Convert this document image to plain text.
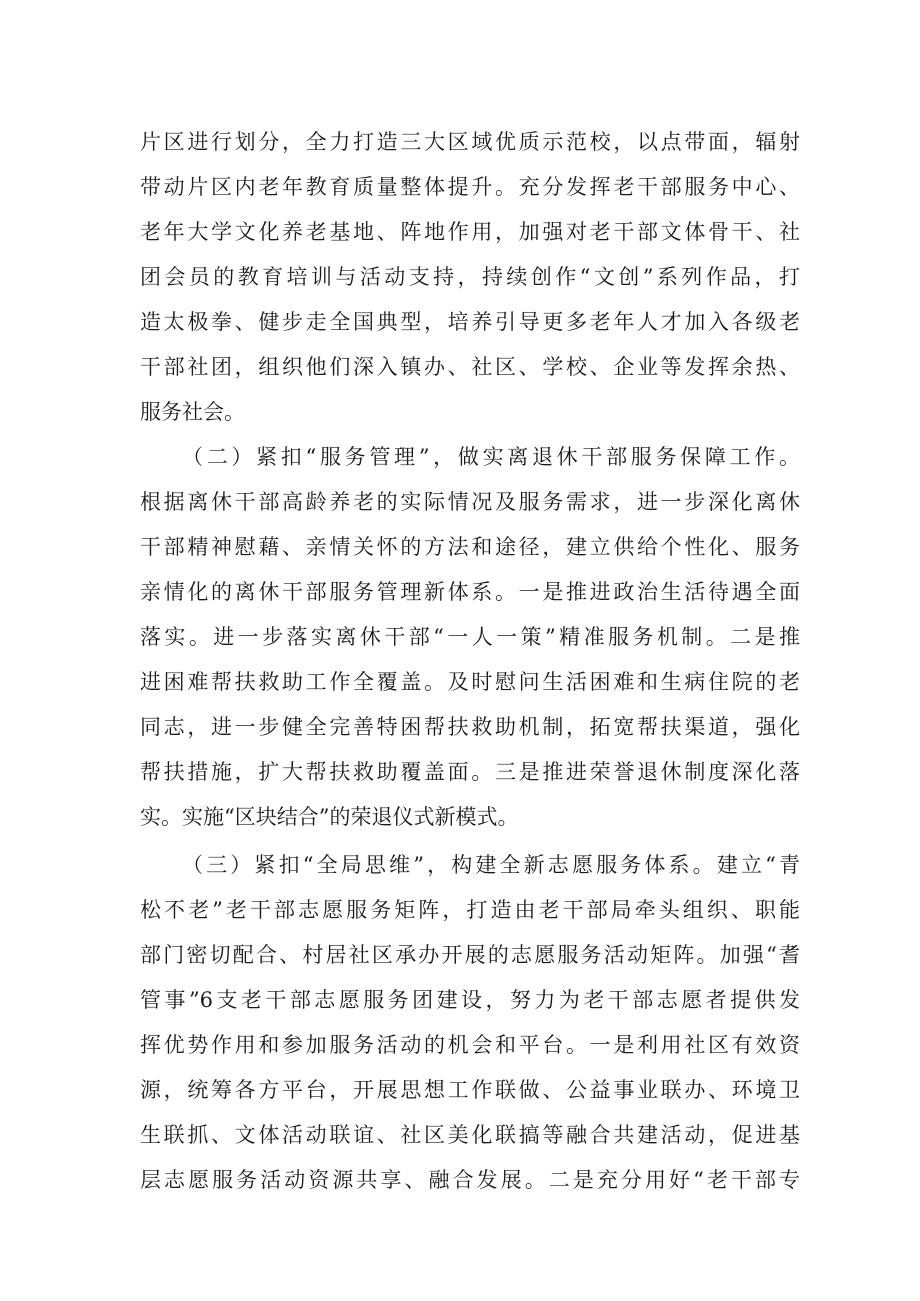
片区进行划分，全力打造三大区域优质示范校，以点带面，辐射
带动片区内老年教育质量整体提升。充分发挥老干部服务中心、
老年大学文化养老基地、阵地作用，加强对老干部文体骨干、社
团会员的教育培训与活动支持，持续创作“文创”系列作品，打
造太极拳、健步走全国典型，培养引导更多老年人才加入各级老
干部社团，组织他们深入镇办、社区、学校、企业等发挥余热、
服务社会。
（二）紧扣“服务管理”，做实离退休干部服务保障工作。
根据离休干部高龄养老的实际情况及服务需求，进一步深化离休
干部精神慰藉、亲情关怀的方法和途径，建立供给个性化、服务
亲情化的离休干部服务管理新体系。一是推进政治生活待遇全面
落实。进一步落实离休干部“一人一策”精准服务机制。二是推
进困难帮扶救助工作全覆盖。及时慰问生活困难和生病住院的老
同志，进一步健全完善特困帮扶救助机制，拓宽帮扶渠道，强化
帮扶措施，扩大帮扶救助覆盖面。三是推进荣誉退休制度深化落
实。实施“区块结合”的荣退仪式新模式。
（三）紧扣“全局思维”，构建全新志愿服务体系。建立“青
松不老”老干部志愿服务矩阵，打造由老干部局牵头组织、职能
部门密切配合、村居社区承办开展的志愿服务活动矩阵。加强“耆
管事”6支老干部志愿服务团建设，努力为老干部志愿者提供发
挥优势作用和参加服务活动的机会和平台。一是利用社区有效资
源，统筹各方平台，开展思想工作联做、公益事业联办、环境卫
生联抓、文体活动联谊、社区美化联搞等融合共建活动，促进基
层志愿服务活动资源共享、融合发展。二是充分用好“老干部专
